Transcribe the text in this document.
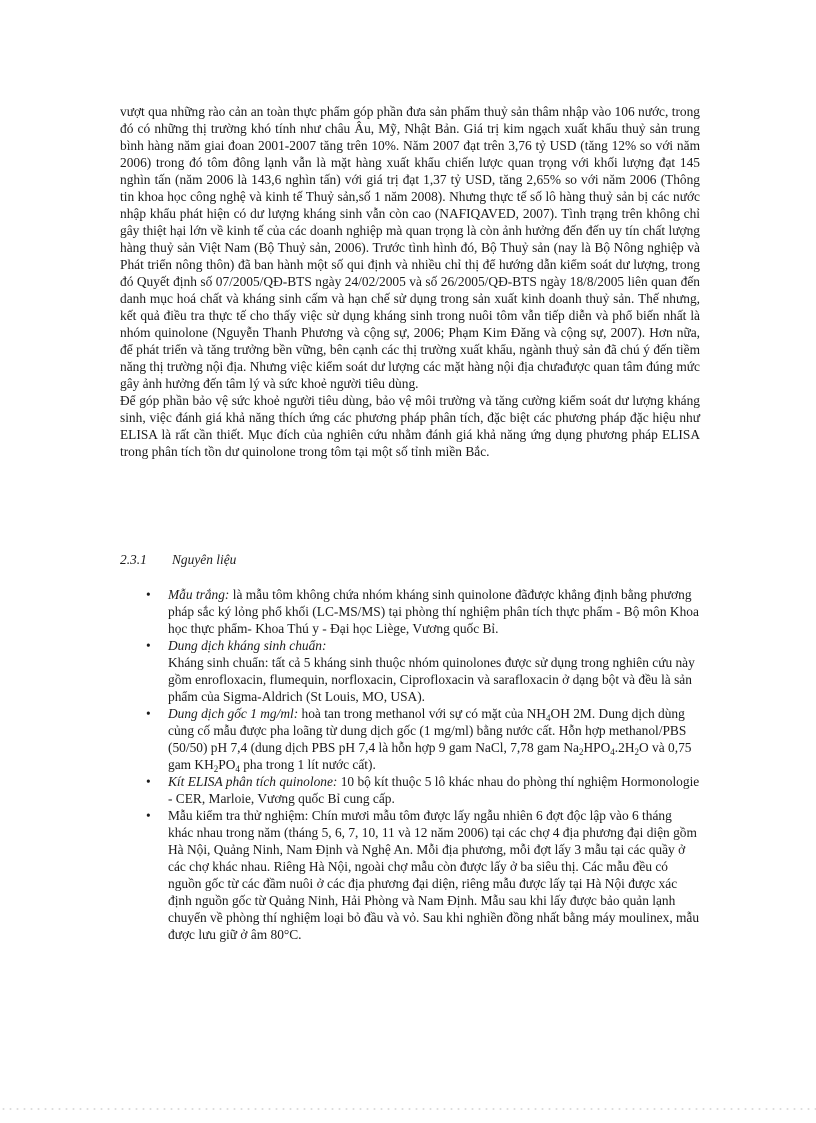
vượt qua những rào cản an toàn thực phẩm góp phần đưa sản phẩm thuỷ sản thâm nhập vào 106 nước, trong đó có những thị trường khó tính như châu Âu, Mỹ, Nhật Bản. Giá trị kim ngạch xuất khẩu thuỷ sản trung bình hàng năm giai đoan 2001-2007 tăng trên 10%. Năm 2007 đạt trên 3,76 tỷ USD (tăng 12% so với năm 2006) trong đó tôm đông lạnh vẫn là mặt hàng xuất khẩu chiến lược quan trọng với khối lượng đạt 145 nghìn tấn (năm 2006 là 143,6 nghìn tấn) với giá trị đạt 1,37 tỷ USD, tăng 2,65% so với năm 2006 (Thông tin khoa học công nghệ và kinh tế Thuỷ sản,số 1 năm 2008). Nhưng thực tế số lô hàng thuỷ sản bị các nước nhập khẩu phát hiện có dư lượng kháng sinh vẫn còn cao (NAFIQAVED, 2007). Tình trạng trên không chỉ gây thiệt hại lớn về kinh tế của các doanh nghiệp mà quan trọng là còn ảnh hưởng đến đến uy tín chất lượng hàng thuỷ sản Việt Nam (Bộ Thuỷ sản, 2006). Trước tình hình đó, Bộ Thuỷ sản (nay là Bộ Nông nghiệp và Phát triển nông thôn) đã ban hành một số qui định và nhiều chỉ thị để hướng dẫn kiểm soát dư lượng, trong đó Quyết định số 07/2005/QĐ-BTS ngày 24/02/2005 và số 26/2005/QĐ-BTS ngày 18/8/2005 liên quan đến danh mục hoá chất và kháng sinh cấm và hạn chế sử dụng trong sản xuất kinh doanh thuỷ sản. Thế nhưng, kết quả điều tra thực tế cho thấy việc sử dụng kháng sinh trong nuôi tôm vẫn tiếp diễn và phổ biến nhất là nhóm quinolone (Nguyễn Thanh Phương và cộng sự, 2006; Phạm Kim Đăng và cộng sự, 2007). Hơn nữa, để phát triển và tăng trưởng bền vững, bên cạnh các thị trường xuất khẩu, ngành thuỷ sản đã chú ý đến tiềm năng thị trường nội địa. Nhưng việc kiểm soát dư lượng các mặt hàng nội địa chưađược quan tâm đúng mức gây ảnh hưởng đến tâm lý và sức khoẻ người tiêu dùng.

Để góp phần bảo vệ sức khoẻ người tiêu dùng, bảo vệ môi trường và tăng cường kiểm soát dư lượng kháng sinh, việc đánh giá khả năng thích ứng các phương pháp phân tích, đặc biệt các phương pháp đặc hiệu như ELISA là rất cần thiết. Mục đích của nghiên cứu nhằm đánh giá khả năng ứng dụng phương pháp ELISA trong phân tích tồn dư quinolone trong tôm tại một số tỉnh miền Bắc.

2.3.1 Nguyên liệu
• Mẫu trắng: là mẫu tôm không chứa nhóm kháng sinh quinolone đãđược khẳng định bằng phương pháp sắc ký lỏng phổ khối (LC-MS/MS) tại phòng thí nghiệm phân tích thực phẩm - Bộ môn Khoa học thực phẩm- Khoa Thú y - Đại học Liège, Vương quốc Bỉ.
• Dung dịch kháng sinh chuẩn:
Kháng sinh chuẩn: tất cả 5 kháng sinh thuộc nhóm quinolones được sử dụng trong nghiên cứu này gồm enrofloxacin, flumequin, norfloxacin, Ciprofloxacin và sarafloxacin ở dạng bột và đều là sản phẩm của Sigma-Aldrich (St Louis, MO, USA).
• Dung dịch gốc 1 mg/ml: hoà tan trong methanol với sự có mặt của $NH_4OH$ 2M. Dung dịch dùng củng cố mẫu được pha loãng từ dung dịch gốc (1 mg/ml) bằng nước cất. Hỗn hợp methanol/PBS (50/50) pH 7,4 (dung dịch PBS pH 7,4 là hỗn hợp 9 gam NaCl, 7,78 gam $Na_2HPO_4.2H_2O$ và 0,75 gam $KH_2PO_4$ pha trong 1 lít nước cất).
• Kít ELISA phân tích quinolone: 10 bộ kít thuộc 5 lô khác nhau do phòng thí nghiệm Hormonologie - CER, Marloie, Vương quốc Bỉ cung cấp.
• Mẫu kiểm tra thử nghiệm: Chín mươi mẫu tôm được lấy ngẫu nhiên 6 đợt độc lập vào 6 tháng khác nhau trong năm (tháng 5, 6, 7, 10, 11 và 12 năm 2006) tại các chợ 4 địa phương đại diện gồm Hà Nội, Quảng Ninh, Nam Định và Nghệ An. Mỗi địa phương, mỗi đợt lấy 3 mẫu tại các quầy ở các chợ khác nhau. Riêng Hà Nội, ngoài chợ mẫu còn được lấy ở ba siêu thị. Các mẫu đều có nguồn gốc từ các đầm nuôi ở các địa phương đại diện, riêng mẫu được lấy tại Hà Nội được xác định nguồn gốc từ Quảng Ninh, Hải Phòng và Nam Định. Mẫu sau khi lấy được bảo quản lạnh chuyển về phòng thí nghiệm loại bỏ đầu và vỏ. Sau khi nghiền đồng nhất bằng máy moulinex, mẫu được lưu giữ ở âm 80°C.
